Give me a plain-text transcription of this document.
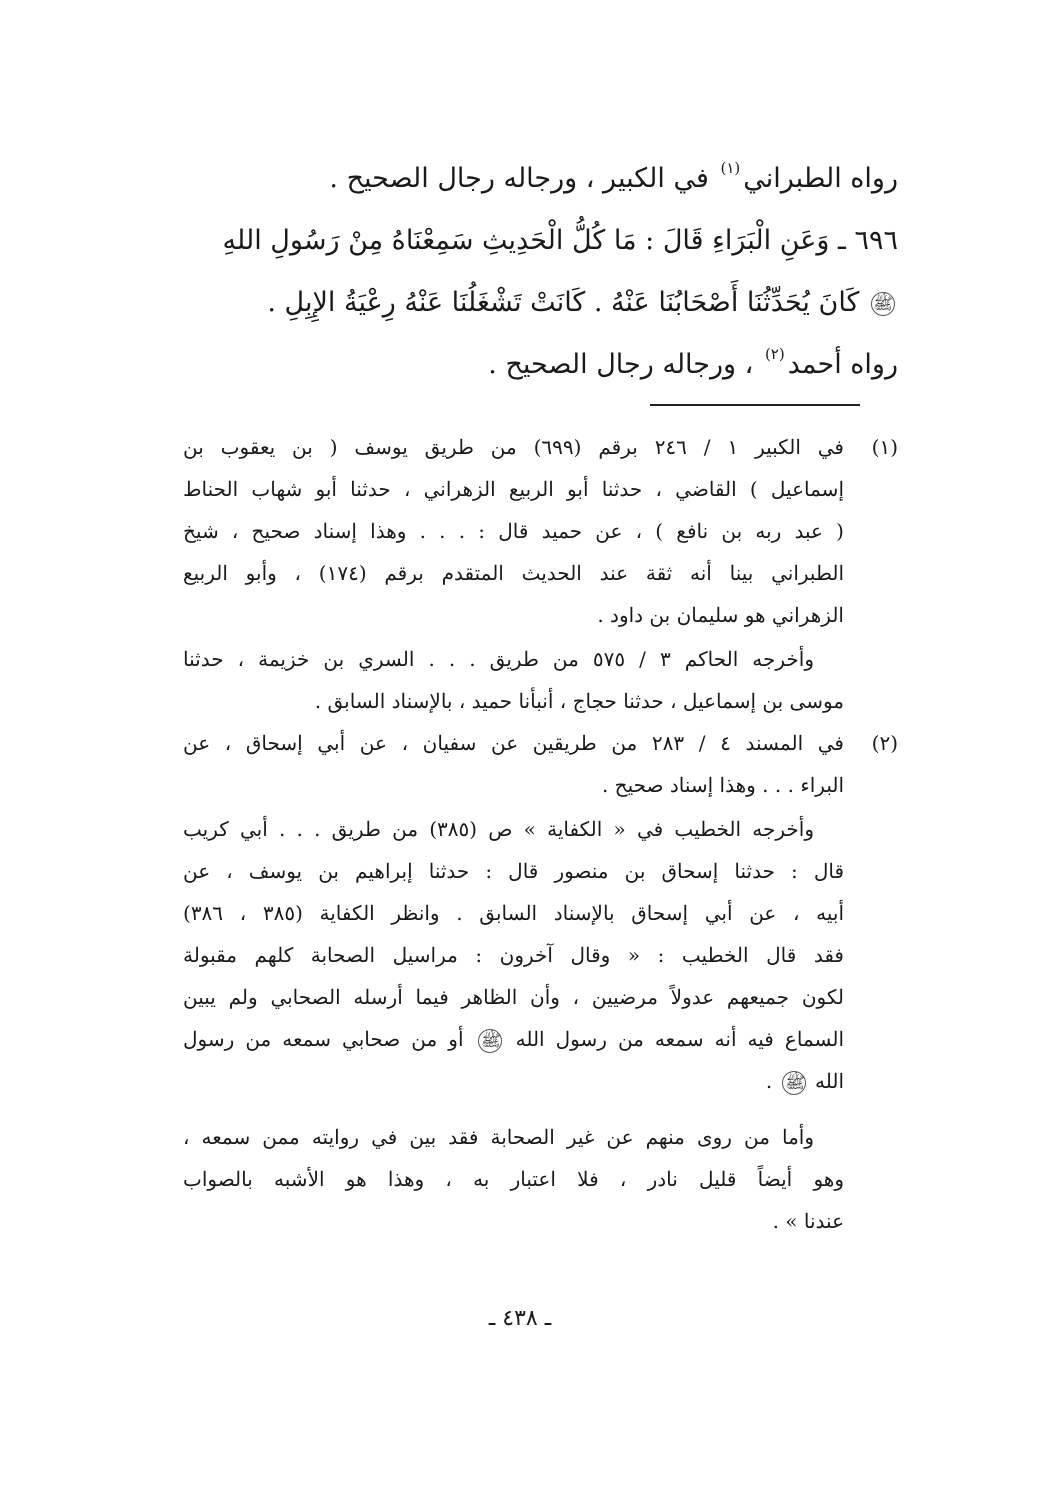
رواه الطبراني$^{(١)}$ في الكبير ، ورجاله رجال الصحيح .
٦٩٦ ـ وَعَنِ الْبَرَاءِ قَالَ : مَا كُلُّ الْحَدِيثِ سَمِعْنَاهُ مِنْ رَسُولِ اللهِ
ﷺ كَانَ يُحَدِّثُنَا أَصْحَابُنَا عَنْهُ . كَانَتْ تَشْغَلُنَا عَنْهُ رِعْيَةُ الإِبِلِ .
رواه أحمد$^{(٢)}$ ، ورجاله رجال الصحيح .
(١)
في الكبير ١ / ٢٤٦ برقم (٦٩٩) من طريق يوسف ( بن يعقوب بن
إسماعيل ) القاضي ، حدثنا أبو الربيع الزهراني ، حدثنا أبو شهاب الحناط
( عبد ربه بن نافع ) ، عن حميد قال : . . . وهذا إسناد صحيح ، شيخ
الطبراني بينا أنه ثقة عند الحديث المتقدم برقم (١٧٤) ، وأبو الربيع
الزهراني هو سليمان بن داود .
وأخرجه الحاكم ٣ / ٥٧٥ من طريق . . . السري بن خزيمة ، حدثنا
موسى بن إسماعيل ، حدثنا حجاج ، أنبأنا حميد ، بالإسناد السابق .
(٢)
في المسند ٤ / ٢٨٣ من طريقين عن سفيان ، عن أبي إسحاق ، عن
البراء . . . وهذا إسناد صحيح .
وأخرجه الخطيب في « الكفاية » ص (٣٨٥) من طريق . . . أبي كريب
قال : حدثنا إسحاق بن منصور قال : حدثنا إبراهيم بن يوسف ، عن
أبيه ، عن أبي إسحاق بالإسناد السابق . وانظر الكفاية (٣٨٥ ، ٣٨٦)
فقد قال الخطيب : « وقال آخرون : مراسيل الصحابة كلهم مقبولة
لكون جميعهم عدولاً مرضيين ، وأن الظاهر فيما أرسله الصحابي ولم يبين
السماع فيه أنه سمعه من رسول الله ﷺ أو من صحابي سمعه من رسول
الله ﷺ .
وأما من روى منهم عن غير الصحابة فقد بين في روايته ممن سمعه ،
وهو أيضاً قليل نادر ، فلا اعتبار به ، وهذا هو الأشبه بالصواب
عندنا » .
ـ ٤٣٨ ـ
